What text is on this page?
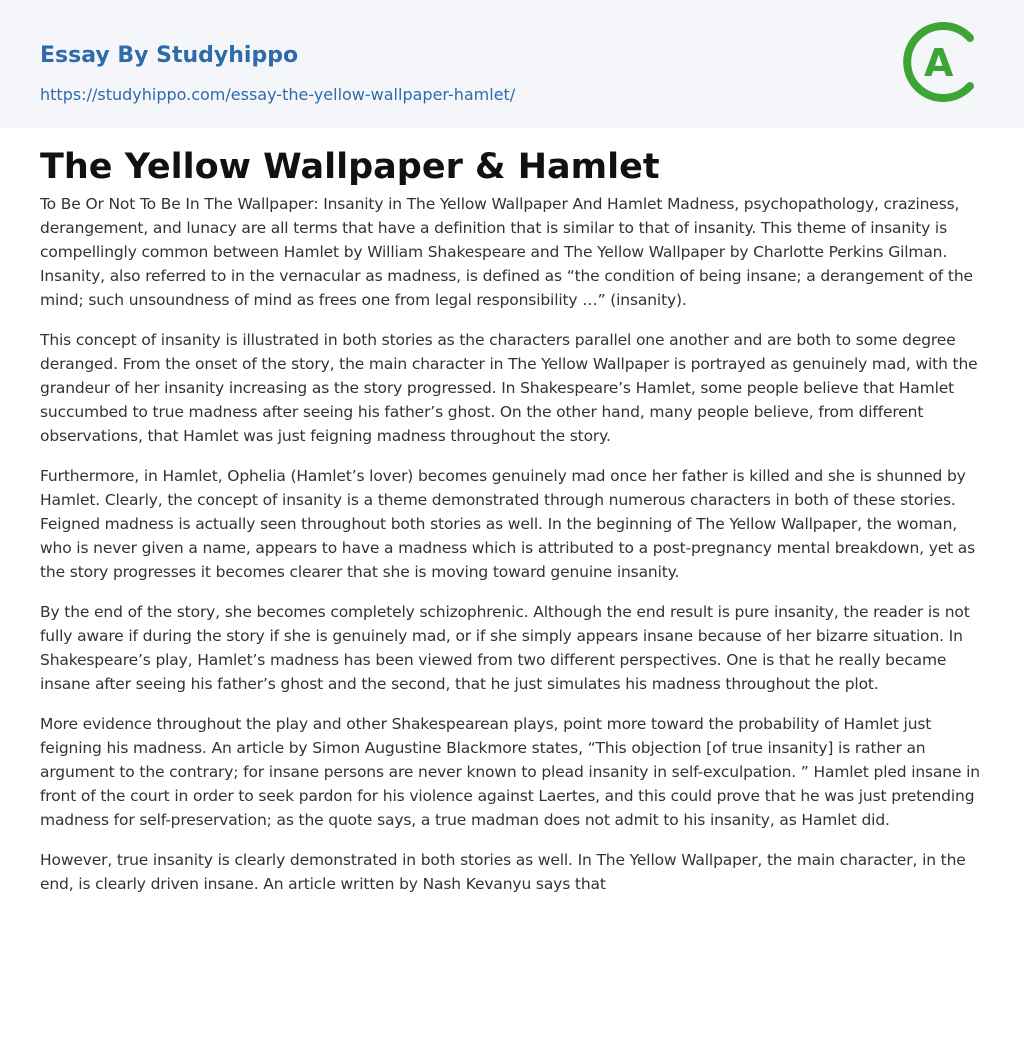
Essay By Studyhippo
https://studyhippo.com/essay-the-yellow-wallpaper-hamlet/
A
The Yellow Wallpaper & Hamlet

To Be Or Not To Be In The Wallpaper: Insanity in The Yellow Wallpaper And Hamlet Madness, psychopathology, craziness, derangement, and lunacy are all terms that have a definition that is similar to that of insanity. This theme of insanity is compellingly common between Hamlet by William Shakespeare and The Yellow Wallpaper by Charlotte Perkins Gilman. Insanity, also referred to in the vernacular as madness, is defined as “the condition of being insane; a derangement of the mind; such unsoundness of mind as frees one from legal responsibility …” (insanity).

This concept of insanity is illustrated in both stories as the characters parallel one another and are both to some degree deranged. From the onset of the story, the main character in The Yellow Wallpaper is portrayed as genuinely mad, with the grandeur of her insanity increasing as the story progressed. In Shakespeare’s Hamlet, some people believe that Hamlet succumbed to true madness after seeing his father’s ghost. On the other hand, many people believe, from different observations, that Hamlet was just feigning madness throughout the story.

Furthermore, in Hamlet, Ophelia (Hamlet’s lover) becomes genuinely mad once her father is killed and she is shunned by Hamlet. Clearly, the concept of insanity is a theme demonstrated through numerous characters in both of these stories. Feigned madness is actually seen throughout both stories as well. In the beginning of The Yellow Wallpaper, the woman, who is never given a name, appears to have a madness which is attributed to a post-pregnancy mental breakdown, yet as the story progresses it becomes clearer that she is moving toward genuine insanity.

By the end of the story, she becomes completely schizophrenic. Although the end result is pure insanity, the reader is not fully aware if during the story if she is genuinely mad, or if she simply appears insane because of her bizarre situation. In Shakespeare’s play, Hamlet’s madness has been viewed from two different perspectives. One is that he really became insane after seeing his father’s ghost and the second, that he just simulates his madness throughout the plot.

More evidence throughout the play and other Shakespearean plays, point more toward the probability of Hamlet just feigning his madness. An article by Simon Augustine Blackmore states, “This objection [of true insanity] is rather an argument to the contrary; for insane persons are never known to plead insanity in self-exculpation. ” Hamlet pled insane in front of the court in order to seek pardon for his violence against Laertes, and this could prove that he was just pretending madness for self-preservation; as the quote says, a true madman does not admit to his insanity, as Hamlet did.

However, true insanity is clearly demonstrated in both stories as well. In The Yellow Wallpaper, the main character, in the end, is clearly driven insane. An article written by Nash Kevanyu says that
